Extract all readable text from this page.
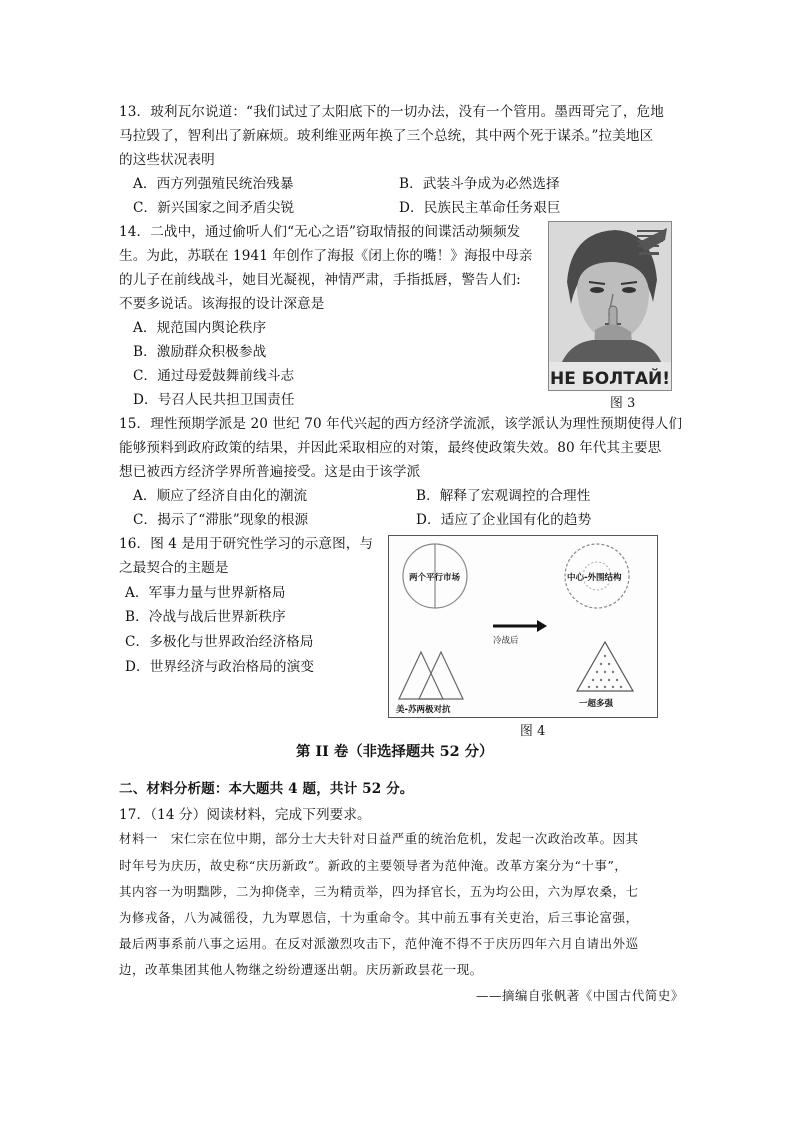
13．玻利瓦尔说道：“我们试过了太阳底下的一切办法，没有一个管用。墨西哥完了，危地
马拉毁了，智利出了新麻烦。玻利维亚两年换了三个总统，其中两个死于谋杀。”拉美地区
的这些状况表明
A．西方列强殖民统治残暴	B．武装斗争成为必然选择
C．新兴国家之间矛盾尖锐	D．民族民主革命任务艰巨
14．二战中，通过偷听人们“无心之语”窃取情报的间谍活动频频发
生。为此，苏联在 1941 年创作了海报《闭上你的嘴！》海报中母亲
的儿子在前线战斗，她目光凝视，神情严肃，手指抵唇，警告人们:
不要多说话。该海报的设计深意是
A．规范国内舆论秩序
B．激励群众积极参战
C．通过母爱鼓舞前线斗志
D．号召人民共担卫国责任
НЕ БОЛТАЙ!
图 3
15．理性预期学派是 20 世纪 70 年代兴起的西方经济学流派，该学派认为理性预期使得人们
能够预料到政府政策的结果，并因此采取相应的对策，最终使政策失效。80 年代其主要思
想已被西方经济学界所普遍接受。这是由于该学派
A．顺应了经济自由化的潮流	B．解释了宏观调控的合理性
C．揭示了“滞胀”现象的根源	D．适应了企业国有化的趋势
16．图 4 是用于研究性学习的示意图，与
之最契合的主题是
A．军事力量与世界新格局
B．冷战与战后世界新秩序
C．多极化与世界政治经济格局
D．世界经济与政治格局的演变
两个平行市场	中心-外围结构
冷战后
美-苏两极对抗
一超多强
图 4
第 II 卷（非选择题共 52 分）
二、材料分析题：本大题共 4 题，共计 52 分。
17．（14 分）阅读材料，完成下列要求。
材料一　宋仁宗在位中期，部分士大夫针对日益严重的统治危机，发起一次政治改革。因其
时年号为庆历，故史称“庆历新政”。新政的主要领导者为范仲淹。改革方案分为“十事”，
其内容一为明黜陟，二为抑侥幸，三为精贡举，四为择官长，五为均公田，六为厚农桑，七
为修戎备，八为减徭役，九为覃恩信，十为重命令。其中前五事有关吏治，后三事论富强，
最后两事系前八事之运用。在反对派激烈攻击下，范仲淹不得不于庆历四年六月自请出外巡
边，改革集团其他人物继之纷纷遭逐出朝。庆历新政昙花一现。
——摘编自张帆著《中国古代简史》
